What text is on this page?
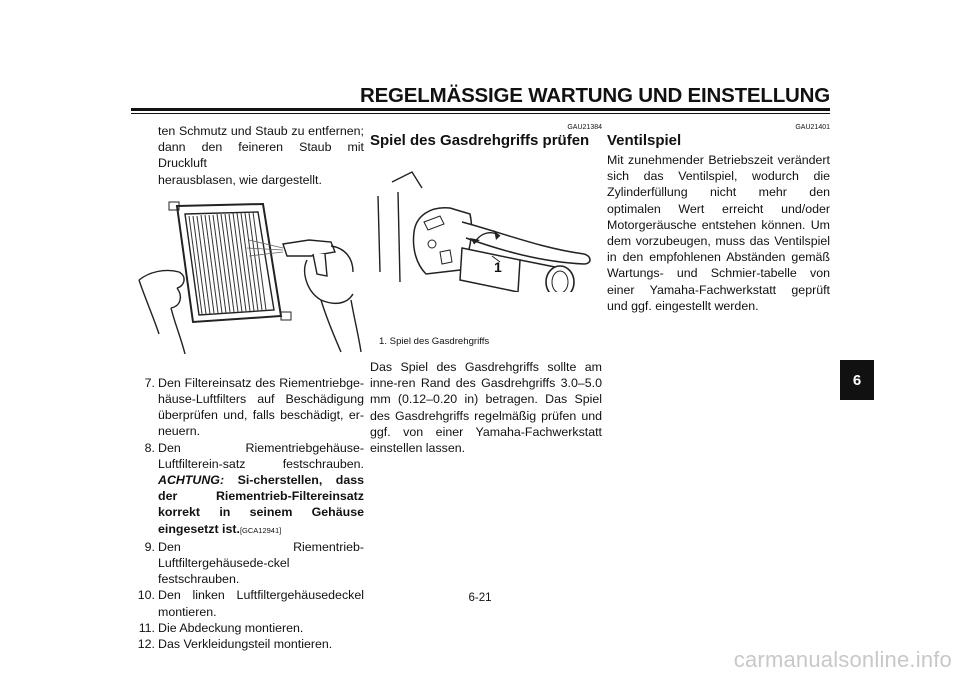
REGELMÄSSIGE WARTUNG UND EINSTELLUNG
ten Schmutz und Staub zu entfernen;
dann den feineren Staub mit Druckluft
herausblasen, wie dargestellt.
7. Den Filtereinsatz des Riementriebge-häuse-Luftfilters auf Beschädigung überprüfen und, falls beschädigt, er-neuern.
8. Den Riementriebgehäuse-Luftfilterein-satz festschrauben. ACHTUNG: Si-cherstellen, dass der Riementrieb-Filtereinsatz korrekt in seinem Gehäuse eingesetzt ist.[GCA12941]
9. Den Riementrieb-Luftfiltergehäusede-ckel festschrauben.
10. Den linken Luftfiltergehäusedeckel montieren.
11. Die Abdeckung montieren.
12. Das Verkleidungsteil montieren.
GAU21384
Spiel des Gasdrehgriffs prüfen
1
1. Spiel des Gasdrehgriffs
Das Spiel des Gasdrehgriffs sollte am inne-ren Rand des Gasdrehgriffs 3.0–5.0 mm (0.12–0.20 in) betragen. Das Spiel des Gasdrehgriffs regelmäßig prüfen und ggf. von einer Yamaha-Fachwerkstatt einstellen lassen.
GAU21401
Ventilspiel
Mit zunehmender Betriebszeit verändert sich das Ventilspiel, wodurch die Zylinderfüllung nicht mehr den optimalen Wert erreicht und/oder Motorgeräusche entstehen können. Um dem vorzubeugen, muss das Ventilspiel in den empfohlenen Abständen gemäß Wartungs- und Schmier-tabelle von einer Yamaha-Fachwerkstatt geprüft und ggf. eingestellt werden.
6
6-21
carmanualsonline.info
